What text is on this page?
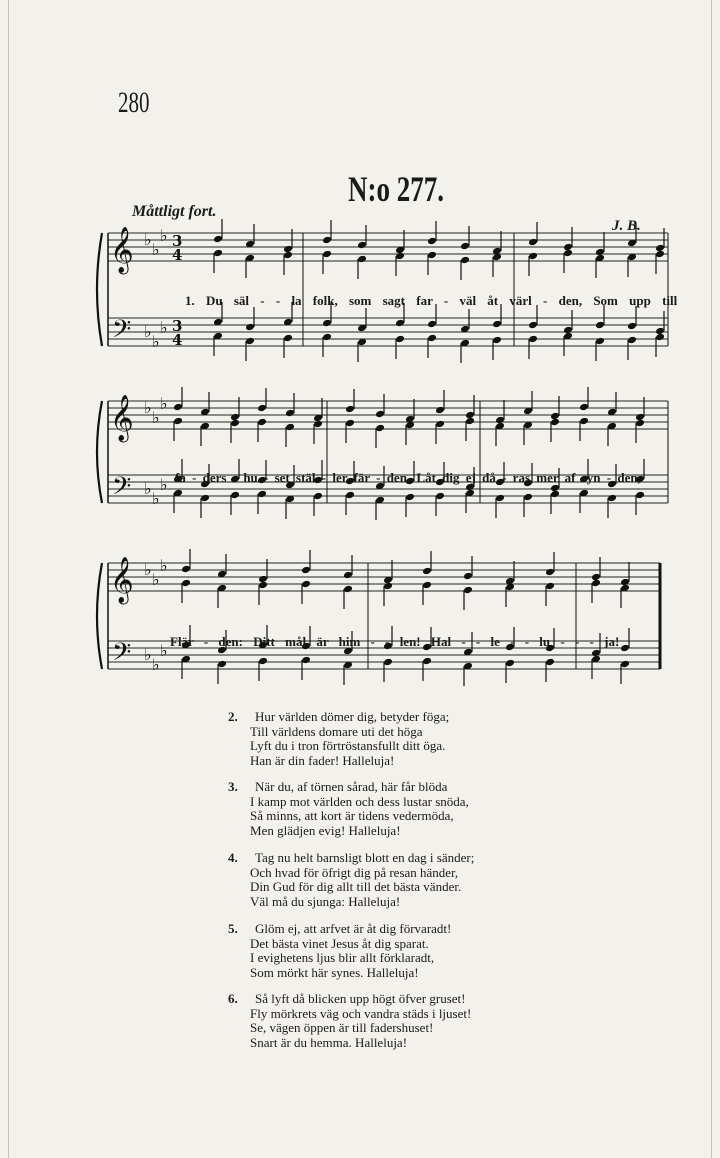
280
N:o 277.
Måttligt fort.
J. B.
𝄞
𝄢
♭
♭
♭
♭
♭
♭
3
4
3
4
𝄞
𝄢
♭
♭
♭
♭
♭
♭
𝄞
𝄢
♭
♭
♭
♭
♭
♭
1. Du säl - - la folk, som sagt far - väl åt värl - den, Som upp till
fa - ders - hu - set stäl - ler fär - den, Låt dig ej då - ras mer af syn - den,
Flär - den: Ditt mål är him - - len! Hal - - le - - lu - - - ja!
2. Hur världen dömer dig, betyder föga;
Till världens domare uti det höga
Lyft du i tron förtröstansfullt ditt öga.
Han är din fader! Halleluja!
3. När du, af törnen sårad, här får blöda
I kamp mot världen och dess lustar snöda,
Så minns, att kort är tidens vedermöda,
Men glädjen evig! Halleluja!
4. Tag nu helt barnsligt blott en dag i sänder;
Och hvad för öfrigt dig på resan händer,
Din Gud för dig allt till det bästa vänder.
Väl må du sjunga: Halleluja!
5. Glöm ej, att arfvet är åt dig förvaradt!
Det bästa vinet Jesus åt dig sparat.
I evighetens ljus blir allt förklaradt,
Som mörkt här synes. Halleluja!
6. Så lyft då blicken upp högt öfver gruset!
Fly mörkrets väg och vandra städs i ljuset!
Se, vägen öppen är till fadershuset!
Snart är du hemma. Halleluja!
